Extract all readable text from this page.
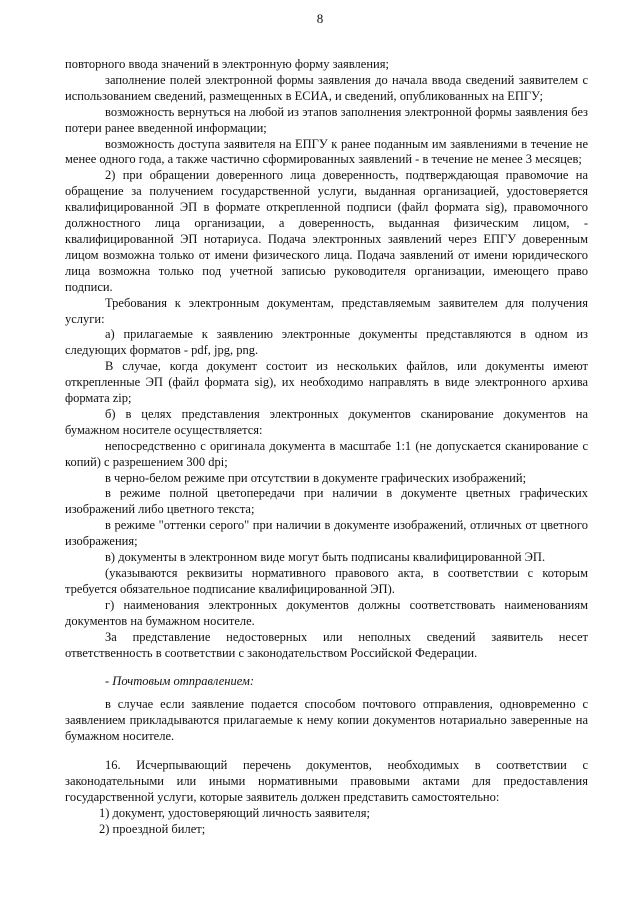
8

повторного ввода значений в электронную форму заявления;

заполнение полей электронной формы заявления до начала ввода сведений заявителем с использованием сведений, размещенных в ЕСИА, и сведений, опубликованных на ЕПГУ;

возможность вернуться на любой из этапов заполнения электронной формы заявления без потери ранее введенной информации;

возможность доступа заявителя на ЕПГУ к ранее поданным им заявлениями в течение не менее одного года, а также частично сформированных заявлений - в течение не менее 3 месяцев;

2) при обращении доверенного лица доверенность, подтверждающая правомочие на обращение за получением государственной услуги, выданная организацией, удостоверяется квалифицированной ЭП в формате открепленной подписи (файл формата sig), правомочного должностного лица организации, а доверенность, выданная физическим лицом, - квалифицированной ЭП нотариуса. Подача электронных заявлений через ЕПГУ доверенным лицом возможна только от имени физического лица. Подача заявлений от имени юридического лица возможна только под учетной записью руководителя организации, имеющего право подписи.

Требования к электронным документам, представляемым заявителем для получения услуги:

а) прилагаемые к заявлению электронные документы представляются в одном из следующих форматов - pdf, jpg, png.

В случае, когда документ состоит из нескольких файлов, или документы имеют открепленные ЭП (файл формата sig), их необходимо направлять в виде электронного архива формата zip;

б) в целях представления электронных документов сканирование документов на бумажном носителе осуществляется:

непосредственно с оригинала документа в масштабе 1:1 (не допускается сканирование с копий) с разрешением 300 dpi;

в черно-белом режиме при отсутствии в документе графических изображений;

в режиме полной цветопередачи при наличии в документе цветных графических изображений либо цветного текста;

в режиме "оттенки серого" при наличии в документе изображений, отличных от цветного изображения;

в) документы в электронном виде могут быть подписаны квалифицированной ЭП.

(указываются реквизиты нормативного правового акта, в соответствии с которым требуется обязательное подписание квалифицированной ЭП).

г) наименования электронных документов должны соответствовать наименованиям документов на бумажном носителе.

За представление недостоверных или неполных сведений заявитель несет ответственность в соответствии с законодательством Российской Федерации.

- Почтовым отправлением:

в случае если заявление подается способом почтового отправления, одновременно с заявлением прикладываются прилагаемые к нему копии документов нотариально заверенные на бумажном носителе.

16. Исчерпывающий перечень документов, необходимых в соответствии с законодательными или иными нормативными правовыми актами для предоставления государственной услуги, которые заявитель должен представить самостоятельно:

1) документ, удостоверяющий личность заявителя;

2) проездной билет;
